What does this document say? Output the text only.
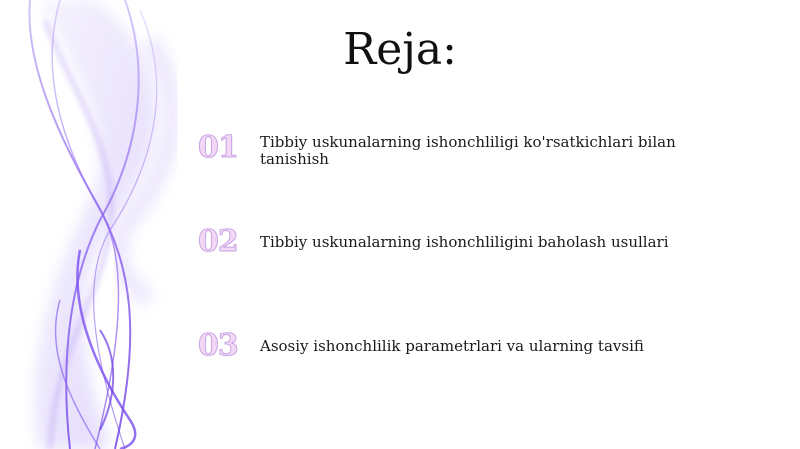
Reja:
01	Tibbiy uskunalarning ishonchliligi ko'rsatkichlari bilan tanishish
02	Tibbiy uskunalarning ishonchliligini baholash usullari
03	Asosiy ishonchlilik parametrlari va ularning tavsifi
